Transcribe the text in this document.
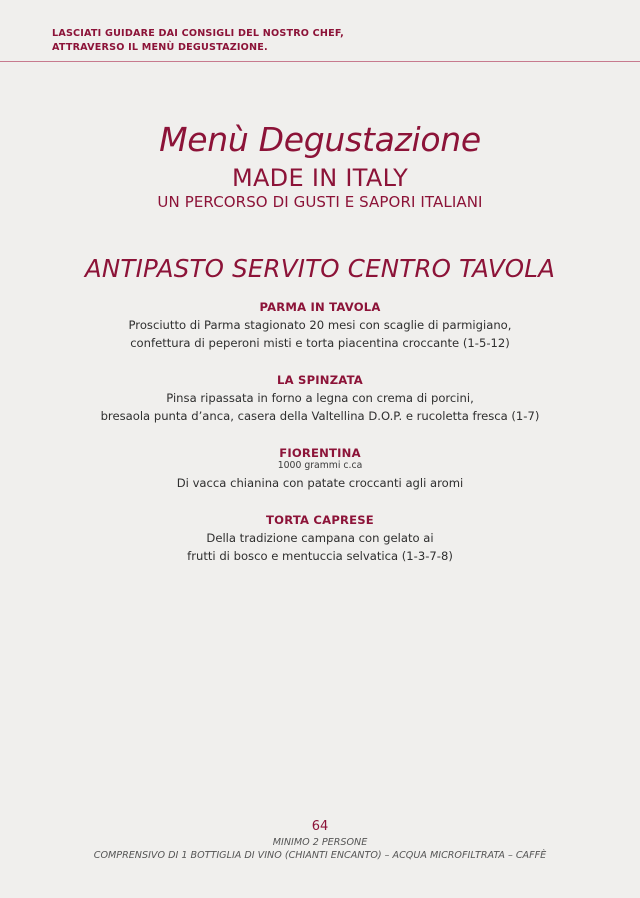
LASCIATI GUIDARE DAI CONSIGLI DEL NOSTRO CHEF,
ATTRAVERSO IL MENÙ DEGUSTAZIONE.
Menù Degustazione
MADE IN ITALY
UN PERCORSO DI GUSTI E SAPORI ITALIANI
ANTIPASTO SERVITO CENTRO TAVOLA
PARMA IN TAVOLA
Prosciutto di Parma stagionato 20 mesi con scaglie di parmigiano,
confettura di peperoni misti e torta piacentina croccante (1-5-12)
LA SPINZATA
Pinsa ripassata in forno a legna con crema di porcini,
bresaola punta d’anca, casera della Valtellina D.O.P. e rucoletta fresca (1-7)
FIORENTINA
1000 grammi c.ca
Di vacca chianina con patate croccanti agli aromi
TORTA CAPRESE
Della tradizione campana con gelato ai
frutti di bosco e mentuccia selvatica (1-3-7-8)
64
MINIMO 2 PERSONE
COMPRENSIVO DI 1 BOTTIGLIA DI VINO (CHIANTI ENCANTO) – ACQUA MICROFILTRATA – CAFFÈ
